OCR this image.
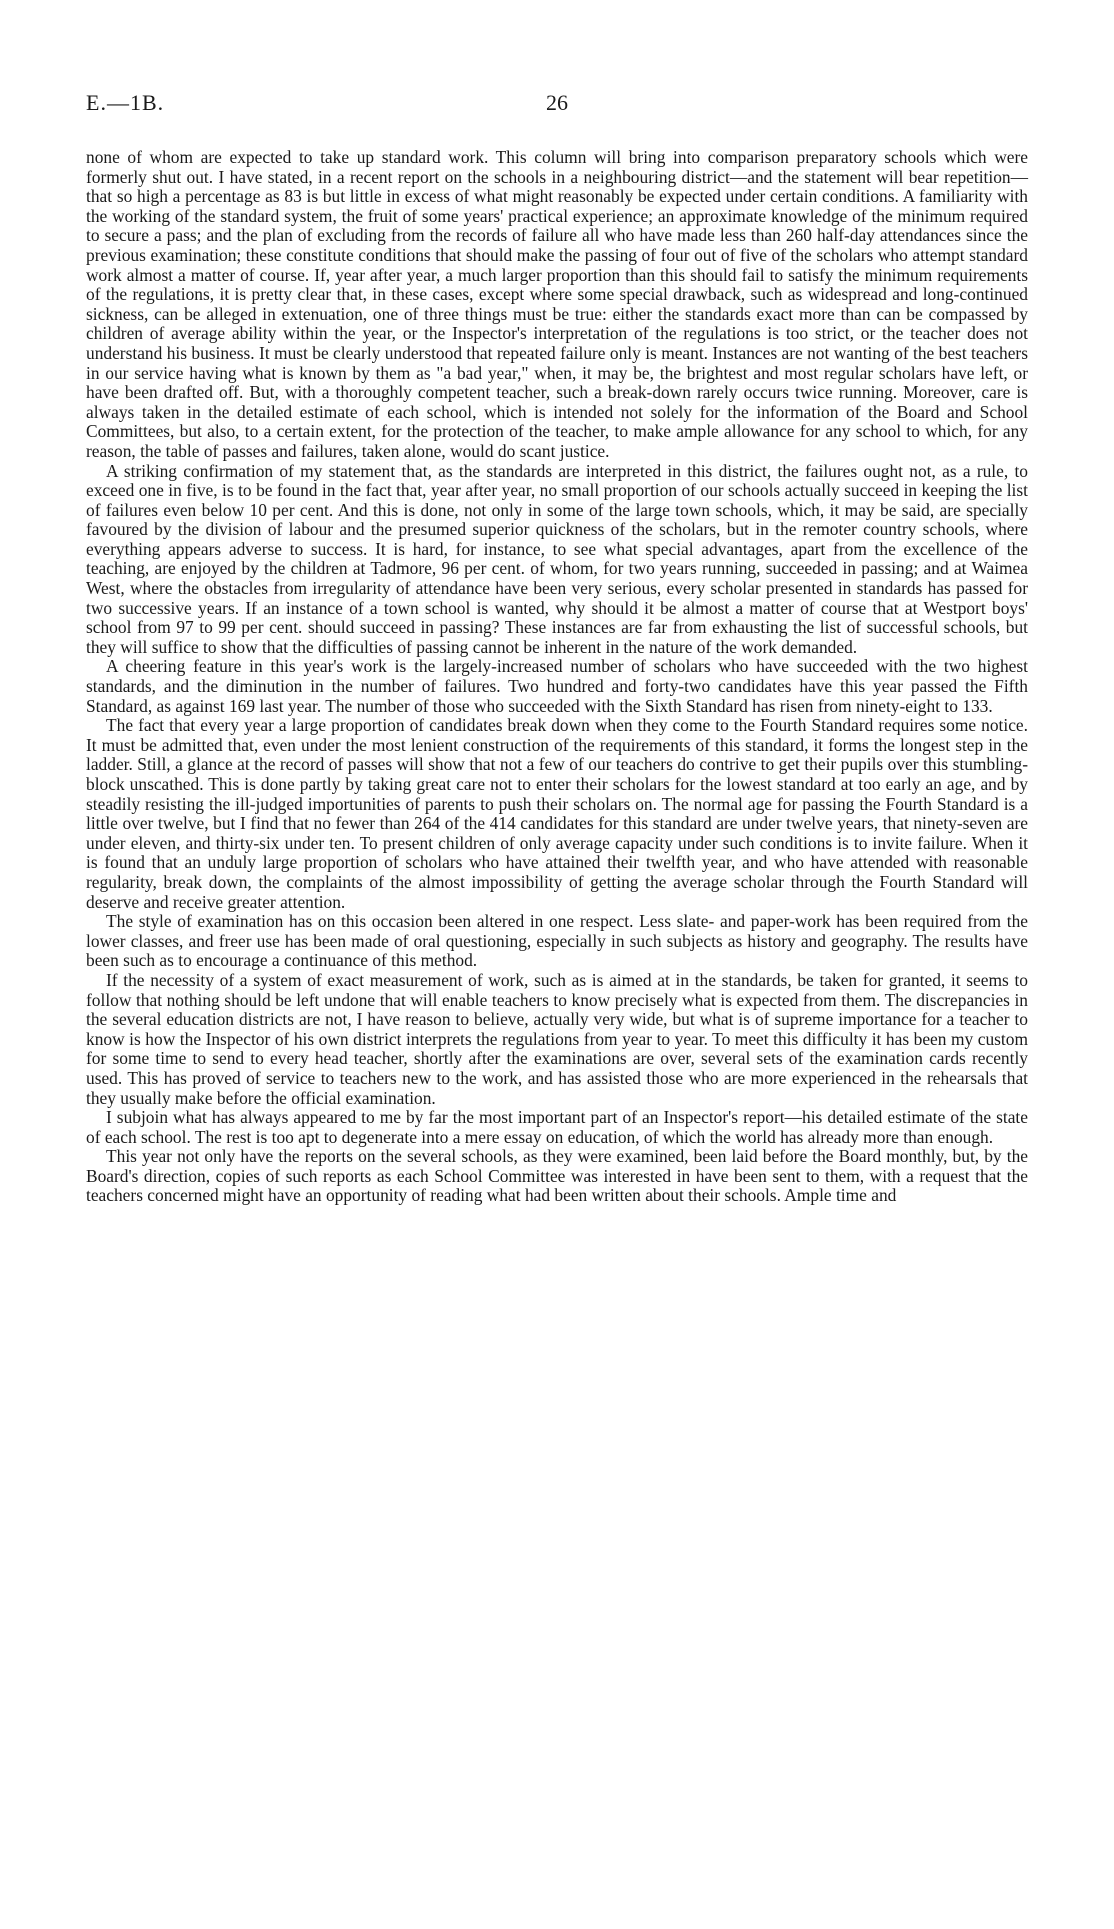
E.—1B.	26

none of whom are expected to take up standard work. This column will bring into comparison preparatory schools which were formerly shut out. I have stated, in a recent report on the schools in a neighbouring district—and the statement will bear repetition—that so high a percentage as 83 is but little in excess of what might reasonably be expected under certain conditions. A familiarity with the working of the standard system, the fruit of some years' practical experience; an approximate knowledge of the minimum required to secure a pass; and the plan of excluding from the records of failure all who have made less than 260 half-day attendances since the previous examination; these constitute conditions that should make the passing of four out of five of the scholars who attempt standard work almost a matter of course. If, year after year, a much larger proportion than this should fail to satisfy the minimum requirements of the regulations, it is pretty clear that, in these cases, except where some special drawback, such as widespread and long-continued sickness, can be alleged in extenuation, one of three things must be true: either the standards exact more than can be compassed by children of average ability within the year, or the Inspector's interpretation of the regulations is too strict, or the teacher does not understand his business. It must be clearly understood that repeated failure only is meant. Instances are not wanting of the best teachers in our service having what is known by them as "a bad year," when, it may be, the brightest and most regular scholars have left, or have been drafted off. But, with a thoroughly competent teacher, such a break-down rarely occurs twice running. Moreover, care is always taken in the detailed estimate of each school, which is intended not solely for the information of the Board and School Committees, but also, to a certain extent, for the protection of the teacher, to make ample allowance for any school to which, for any reason, the table of passes and failures, taken alone, would do scant justice.

A striking confirmation of my statement that, as the standards are interpreted in this district, the failures ought not, as a rule, to exceed one in five, is to be found in the fact that, year after year, no small proportion of our schools actually succeed in keeping the list of failures even below 10 per cent. And this is done, not only in some of the large town schools, which, it may be said, are specially favoured by the division of labour and the presumed superior quickness of the scholars, but in the remoter country schools, where everything appears adverse to success. It is hard, for instance, to see what special advantages, apart from the excellence of the teaching, are enjoyed by the children at Tadmore, 96 per cent. of whom, for two years running, succeeded in passing; and at Waimea West, where the obstacles from irregularity of attendance have been very serious, every scholar presented in standards has passed for two successive years. If an instance of a town school is wanted, why should it be almost a matter of course that at Westport boys' school from 97 to 99 per cent. should succeed in passing? These instances are far from exhausting the list of successful schools, but they will suffice to show that the difficulties of passing cannot be inherent in the nature of the work demanded.

A cheering feature in this year's work is the largely-increased number of scholars who have succeeded with the two highest standards, and the diminution in the number of failures. Two hundred and forty-two candidates have this year passed the Fifth Standard, as against 169 last year. The number of those who succeeded with the Sixth Standard has risen from ninety-eight to 133.

The fact that every year a large proportion of candidates break down when they come to the Fourth Standard requires some notice. It must be admitted that, even under the most lenient construction of the requirements of this standard, it forms the longest step in the ladder. Still, a glance at the record of passes will show that not a few of our teachers do contrive to get their pupils over this stumbling-block unscathed. This is done partly by taking great care not to enter their scholars for the lowest standard at too early an age, and by steadily resisting the ill-judged importunities of parents to push their scholars on. The normal age for passing the Fourth Standard is a little over twelve, but I find that no fewer than 264 of the 414 candidates for this standard are under twelve years, that ninety-seven are under eleven, and thirty-six under ten. To present children of only average capacity under such conditions is to invite failure. When it is found that an unduly large proportion of scholars who have attained their twelfth year, and who have attended with reasonable regularity, break down, the complaints of the almost impossibility of getting the average scholar through the Fourth Standard will deserve and receive greater attention.

The style of examination has on this occasion been altered in one respect. Less slate- and paper-work has been required from the lower classes, and freer use has been made of oral questioning, especially in such subjects as history and geography. The results have been such as to encourage a continuance of this method.

If the necessity of a system of exact measurement of work, such as is aimed at in the standards, be taken for granted, it seems to follow that nothing should be left undone that will enable teachers to know precisely what is expected from them. The discrepancies in the several education districts are not, I have reason to believe, actually very wide, but what is of supreme importance for a teacher to know is how the Inspector of his own district interprets the regulations from year to year. To meet this difficulty it has been my custom for some time to send to every head teacher, shortly after the examinations are over, several sets of the examination cards recently used. This has proved of service to teachers new to the work, and has assisted those who are more experienced in the rehearsals that they usually make before the official examination.

I subjoin what has always appeared to me by far the most important part of an Inspector's report—his detailed estimate of the state of each school. The rest is too apt to degenerate into a mere essay on education, of which the world has already more than enough.

This year not only have the reports on the several schools, as they were examined, been laid before the Board monthly, but, by the Board's direction, copies of such reports as each School Committee was interested in have been sent to them, with a request that the teachers concerned might have an opportunity of reading what had been written about their schools. Ample time and
